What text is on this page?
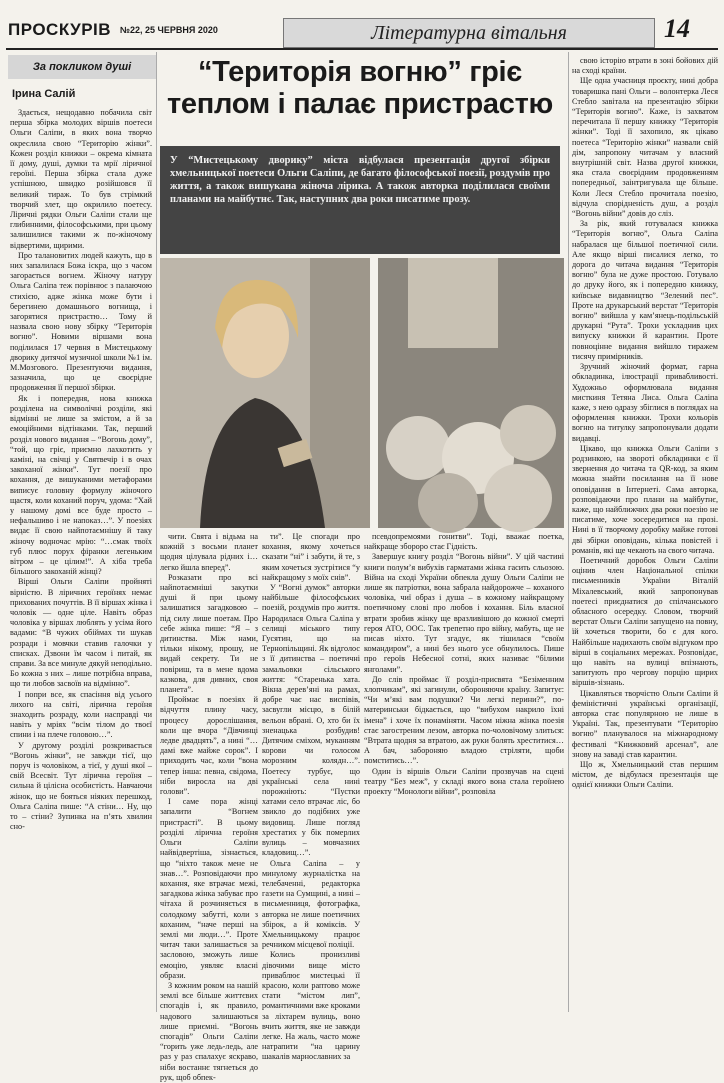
ПРОСКУРІВ №22, 25 ЧЕРВНЯ 2020	Літературна вітальня	14
За покликом душі
Ірина Салій

Здається, нещодавно побачила світ перша збірка молодих віршів поетеси Ольги Саліпи, в яких вона творчо окреслила свою “Територію жінки”. Кожен розділ книжки – окрема кімната її дому, душі, думки та мрії ліричної героїні. Перша збірка стала дуже успішною, швидко розійшовся її великий тираж. То був стрімкий творчий злет, що окрилило поетесу. Ліричні рядки Ольги Саліпи стали ще глибинними, філософськими, при цьому залишилися такими ж по-жіночому відвертими, щирими.

Про талановитих людей кажуть, що в них запалилася Божа іскра, що з часом загорається вогнем. Жіночу натуру Ольга Саліпа теж порівнює з палаючою стихією, адже жінка може бути і берегинею домашнього вогнища, і загорятися пристрастю… Тому й назвала свою нову збірку “Територія вогню”. Новими віршами вона поділилася 17 червня в Мистецькому дворику дитячої музичної школи №1 ім. М.Мозгового. Презентуючи видання, зазначила, що це своєрідне продовження її першої збірки.

Як і попередня, нова книжка розділена на символічні розділи, які відмінні не лише за змістом, а й за емоційними відтінками. Так, перший розділ нового видання – “Вогонь дому”, “той, що гріє, приємно лахкотить у каміні, на свічці у Святвечір і в очах закоханої жінки”. Тут поезії про кохання, де вишуканими метафорами виписує головну формулу жіночого щастя, коли коханий поруч, удома: “Хай у нашому домі все буде просто – нефальшиво і не напоказ…”. У поезіях видає її свою найпотаємнішу й таку жіночу водночас мрію: “…смак твоїх губ плюс порух фіранки легеньким вітром – це цілим!”. А хіба треба більшого закоханій жінці?

Вірші Ольги Саліпи пройняті вірністю. В ліричних героїнях немає прихованих почуттів. В її віршах жінка і чоловік — одне ціле. Навіть образ чоловіка у віршах люблять у усіма його вадами: “В чужих обіймах ти шукав розради і мовчки ставив галочки у списках. Дзвони їм часом і питай, як справи. За все минуле дякуй неподільно. Бо кожна з них – лише потрібна вправа, що ти любов засвоїв на відмінно”.

І попри все, як спасіння від усього лихого на світі, лірична героїня знаходить розраду, коли насправді чи навіть у мріях “всім тілом до твоєї спини і на плече головою…”.

У другому розділі розкривається “Вогонь жінки”, не завжди тієї, що поруч із чоловіком, а тієї, у душі якої – свій Всесвіт. Тут лірична героїня – сильна й цілісна особистість. Навчаючи жінок, що не бояться ніяких перешкод, Ольга Саліпа пише: “А стіни… Ну, що то – стіни? Зупинка на п’ять хвилин сно-

“Територія вогню” гріє теплом і палає пристрастю
У “Мистецькому дворику” міста відбулася презентація другої збірки хмельницької поетеси Ольги Саліпи, де багато філософської поезії, роздумів про життя, а також вишукана жіноча лірика. А також авторка поділилася своїми планами на майбутнє. Так, наступних два роки писатиме прозу.

чити. Свята і відьма на кожній з восьми планет щодня цілувала рідних і… легко йшла вперед”.

Розказати про всі найпотаємніші закутки душі й при цьому залишатися загадковою – під силу лише поетам. Про себе жінка пише: “Я – з дитинства. Між нами, тільки нікому, прошу, не видай секрету. Ти не повіриш, та в мене вдома казкова, для дивних, своя планета”.

Проймає в поезіях й відчуття плину часу, процесу дорослішання, коли ще вчора “Дівчинці ледве двадцять”, а нині “…дамі вже майже сорок”. І приходить час, коли “вона тепер інша: певна, свідома, ніби виросла на дві голови”.

І саме пора жінці запалити “Вогнем пристрасті”. В цьому розділі лірична героїня Ольги Саліпи найвідвертіша, зізнається, що “ніхто також мене не знав…”. Розповідаючи про кохання, яке втрачає межі, загадкова жінка забуває про чітаха й розчиняється в солодкому забутті, коли з коханим, “наче перші на землі ми люди…”. Проте читач таки залишається за засловою, зможуть лише емоцію, уявляє власні образи.

З кожним роком на нашій землі все більше життєвих спогадів і, як правило, надового залишаються лише приємні. “Вогонь спогадів” Ольги Саліпи “горить уже ледь-ледь, але раз у раз спалахує яскраво, ніби востаннє тягнеться до рук, щоб обпек-

ти”. Це спогади про кохання, якому хочеться сказати “ні” і забути, й те, з яким хочеться зустрітися “у найкращому з моїх снів”.

У “Вогні думок” авторки найбільше філософських поезій, роздумів про життя. Народилася Ольга Саліпа у селищі міського типу Гусятин, що на Тернопільщині. Як відголос з її дитинства – поетичні замальовки сільського життя: “Старенька хата. Вікна дерев’яні на рамах, добре чає нас виспівів, засвугли місцю, в білій вельон вбрані. О, хто би їх зненацька розбудив! Дитячим сміхом, муканням корови чи голосом морозним колядн…”. Поетесу турбує, що українські села нині порожніють: “Пустки хатами село втрачає ліс, бо звикло до подібних уже видовищ. Лише погляд хрестатих у бік померлих вулиць – мовчазних кладовищ…”.

Ольга Саліпа – у минулому журналістка на телебаченні, редакторка газети на Сумщині, а нині – письменниця, фотографка, авторка не лише поетичних збірок, а й коміксів. У Хмельницькому працює речником місцевої поліції.

Колись пронизливі дівочими вище місто приваблює мистецькі її красою, коли раптово може стати “містом лип”, романтичними вже кроками за ліхтарем вулиць, воно вчить життя, яке не завжди легке. На жаль, часто може натрапити “на царину шакалів марнославних за

псевдопремоями гонитви”. Тоді, вважає поетка, найкраще збороро стає Гідність.

Завершує книгу розділ “Вогонь війни”. У цій частині книги полум’я вибухів гарматами жінка гасить сльозою. Війна на сході України обпекла душу Ольги Саліпи не лише як патріотки, вона забрала найдорожче – коханого чоловіка, чиї образ і душа – в кожному найкращому поетичному слові про любов і кохання. Біль власної втрати зробив жінку ще вразливішою до кожної смерті героя АТО, ООС. Так трепетно про війну, мабуть, ще не писав ніхто. Тут згадує, як тішилася “своїм командиром”, а нині без нього усе обнулилось. Пише про героїв Небесної сотні, яких називає “білими янголами”.

До слів проймає її розділ-присвята “Безіменним хлопчикам”, які загинули, обороняючи країну. Запитує: “Чи м’які вам подушки? Чи легкі перини?”, по-материнськи бідкається, що “вибухом накрило їхні імена” і хоче їх понаміняти. Часом ніжна жінка поезія стає загостреним лезом, авторка по-чоловічому злиться: “Втрата щодня за втратою, аж руки болять хреститися… А бач, забороняю владою стріляти, щоби помститись…”.

Один із віршів Ольги Саліпи прозвучав на сцені театру “Без меж”, у складі якого вона стала героїнею проекту “Монологи війни”, розповіла

свою історію втрати в зоні бойових дій на сході країни.

Ще одна учасниця проєкту, нині добра товаришка пані Ольги – волонтерка Леся Стебло завітала на презентацію збірки “Територія вогню”. Каже, із захватом перечитала її першу книжку “Територія жінки”. Тоді її захопило, як цікаво поетеса “Територію жінки” назвали свій дім, запропону читачам у власний внутрішній світ. Назва другої книжки, яка стала своєрідним продовженням попередньої, заінтригувала ще більше. Коли Леся Стебло прочитала поезію, відчула спорідненість душ, а розділ “Вогонь війни” довів до сліз.

За рік, який готувалася книжка “Територія вогню”, Ольга Саліпа набралася ще більшої поетичної сили. Але якщо вірші писалися легко, то дорога до читача видання “Територія вогню” була не дуже простою. Готувало до друку його, як і попередню книжку, київське видавництво “Зелений пес”. Проте на друкарський верстат “Територія вогню” вийшла у кам’янець-подільській друкарні “Рута”. Трохи ускладнив цих випуску книжки й карантин. Проте повноцінне видання вийшло тиражем тисячу примірників.

Зручний жіночий формат, гарна обкладинка, ілюстрації привабливості. Художньо оформлювала видання мисткиня Тетяна Лиса. Ольга Саліпа каже, з нею одразу збіглися в поглядах на оформлення книжки. Трохи кольорів вогню на титулку запропонували додати видавці.

Цікаво, що книжка Ольги Саліпи з родзинкою, на звороті обкладинки є її звернення до читача та QR-код, за яким можна знайти посилання на її нове оповідання в Інтернеті. Сама авторка, розповідаючи про плани на майбутнє, каже, що найближчих два роки поезію не писатиме, хоче зосередитися на прозі. Нині в її творчому доробку майже готові дві збірки оповідань, кілька повістей і романів, які ще чекають на свого читача.

Поетичний доробок Ольги Саліпи оцінив член Національної спілки письменників України Віталій Міхалевський, який запропонував поетесі приєднатися до спілчанського обласного осередку. Словом, творчий верстат Ольги Саліпи запущено на повну, їй хочеться творити, бо є для кого. Найбільше надихають своїм відгуком про вірші в соціальних мережах. Розповідає, що навіть на вулиці впізнають, запитують про чергову порцію щирих віршів-зізнань.

Цікавляться творчістю Ольги Саліпи й феміністичні українські організації, авторка стає популярною не лише в Україні. Так, презентувати “Територію вогню” планувалося на міжнародному фестивалі “Книжковий арсенал”, але знову на заваді став карантин.

Що ж, Хмельницький став першим містом, де відбулася презентація ще однієї книжки Ольги Саліпи.
